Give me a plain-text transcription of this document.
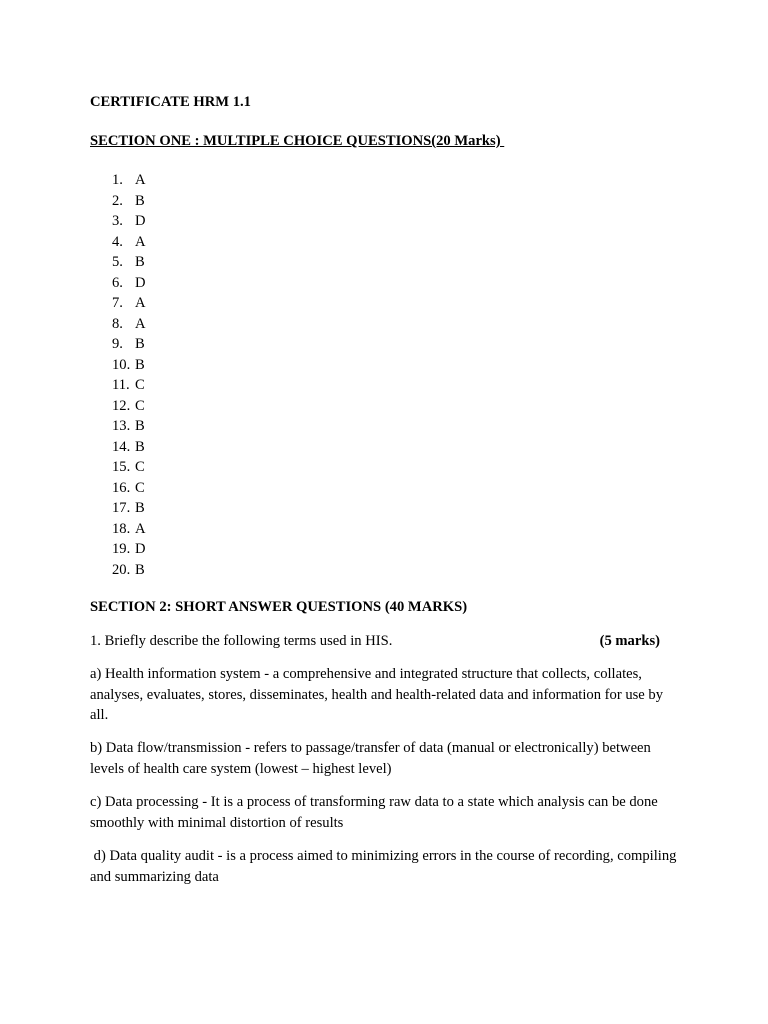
CERTIFICATE HRM 1.1
SECTION ONE : MULTIPLE CHOICE QUESTIONS(20 Marks)
1. A
2. B
3. D
4. A
5. B
6. D
7. A
8. A
9. B
10. B
11. C
12. C
13. B
14. B
15. C
16. C
17. B
18. A
19. D
20. B
SECTION 2: SHORT ANSWER QUESTIONS (40 MARKS)
1. Briefly describe the following terms used in HIS.	(5 marks)

a) Health information system - a comprehensive and integrated structure that collects, collates, analyses, evaluates, stores, disseminates, health and health-related data and information for use by all.

b) Data flow/transmission - refers to passage/transfer of data (manual or electronically) between levels of health care system (lowest – highest level)

c) Data processing - It is a process of transforming raw data to a state which analysis can be done smoothly with minimal distortion of results

d) Data quality audit - is a process aimed to minimizing errors in the course of recording, compiling and summarizing data
